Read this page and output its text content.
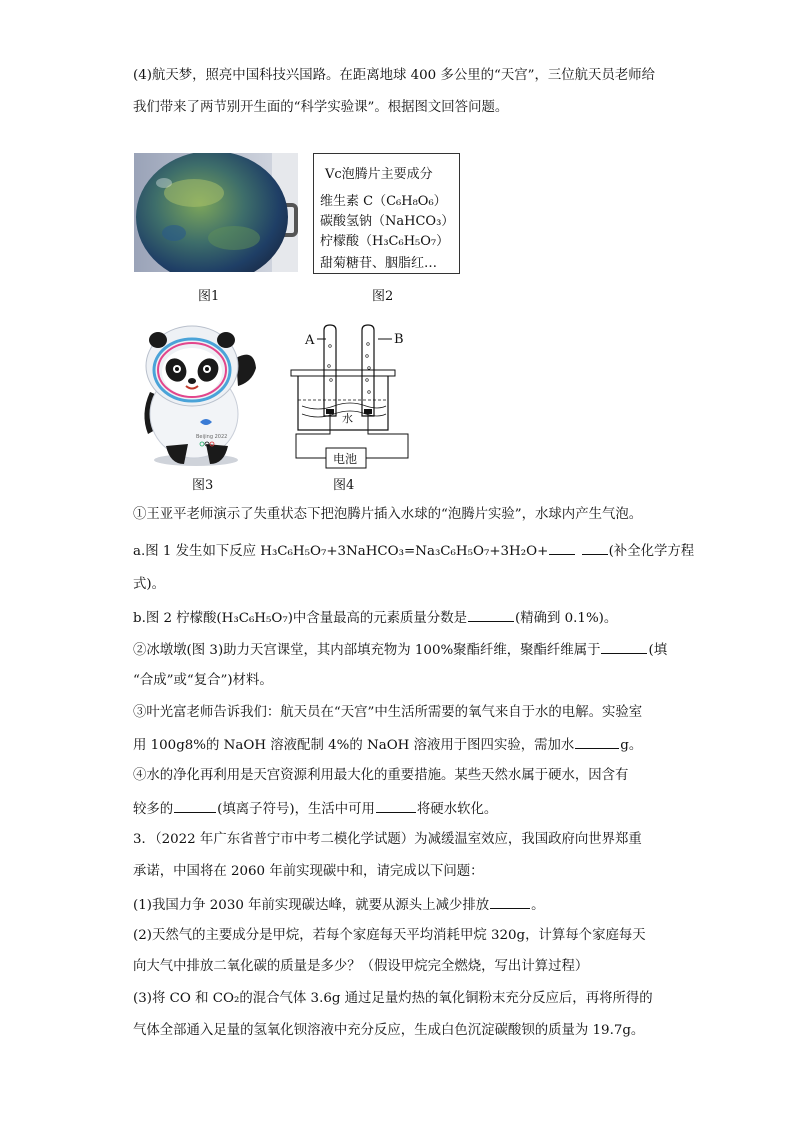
(4)航天梦，照亮中国科技兴国路。在距离地球 400 多公里的“天宫”，三位航天员老师给
我们带来了两节别开生面的“科学实验课”。根据图文回答问题。
图1
Vc泡腾片主要成分
维生素 C（C₆H₈O₆）
碳酸氢钠（NaHCO₃）
柠檬酸（H₃C₆H₅O₇）
甜菊糖苷、胭脂红…
图2
Beijing 2022
图3
A	B
水
电池
图4
①王亚平老师演示了失重状态下把泡腾片插入水球的“泡腾片实验”，水球内产生气泡。
a.图 1 发生如下反应 H₃C₆H₅O₇+3NaHCO₃=Na₃C₆H₅O₇+3H₂O+	(补全化学方程
式)。
b.图 2 柠檬酸(H₃C₆H₅O₇)中含量最高的元素质量分数是	(精确到 0.1%)。
②冰墩墩(图 3)助力天宫课堂，其内部填充物为 100%聚酯纤维，聚酯纤维属于	(填
“合成”或“复合”)材料。
③叶光富老师告诉我们：航天员在“天宫”中生活所需要的氧气来自于水的电解。实验室
用 100g8%的 NaOH 溶液配制 4%的 NaOH 溶液用于图四实验，需加水	g。
④水的净化再利用是天宫资源利用最大化的重要措施。某些天然水属于硬水，因含有
较多的	(填离子符号)，生活中可用	将硬水软化。
3．（2022 年广东省普宁市中考二模化学试题）为减缓温室效应，我国政府向世界郑重
承诺，中国将在 2060 年前实现碳中和，请完成以下问题：
(1)我国力争 2030 年前实现碳达峰，就要从源头上减少排放	。
(2)天然气的主要成分是甲烷，若每个家庭每天平均消耗甲烷 320g，计算每个家庭每天
向大气中排放二氧化碳的质量是多少？（假设甲烷完全燃烧，写出计算过程）
(3)将 CO 和 CO₂的混合气体 3.6g 通过足量灼热的氧化铜粉末充分反应后，再将所得的
气体全部通入足量的氢氧化钡溶液中充分反应，生成白色沉淀碳酸钡的质量为 19.7g。
